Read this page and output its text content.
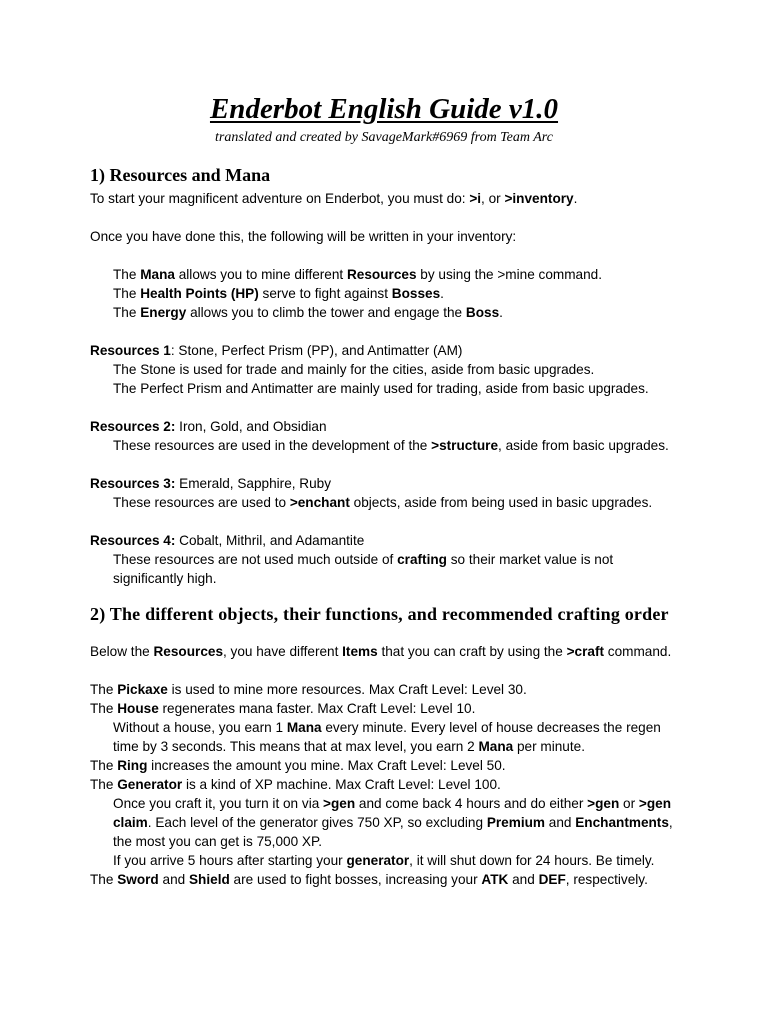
Enderbot English Guide v1.0
translated and created by SavageMark#6969 from Team Arc
1) Resources and Mana

To start your magnificent adventure on Enderbot, you must do: >i, or >inventory.

Once you have done this, the following will be written in your inventory:

The Mana allows you to mine different Resources by using the >mine command.

The Health Points (HP) serve to fight against Bosses.

The Energy allows you to climb the tower and engage the Boss.

Resources 1: Stone, Perfect Prism (PP), and Antimatter (AM)

The Stone is used for trade and mainly for the cities, aside from basic upgrades.

The Perfect Prism and Antimatter are mainly used for trading, aside from basic upgrades.

Resources 2: Iron, Gold, and Obsidian

These resources are used in the development of the >structure, aside from basic upgrades.

Resources 3: Emerald, Sapphire, Ruby

These resources are used to >enchant objects, aside from being used in basic upgrades.

Resources 4: Cobalt, Mithril, and Adamantite

These resources are not used much outside of crafting so their market value is not significantly high.

2) The different objects, their functions, and recommended crafting order

Below the Resources, you have different Items that you can craft by using the >craft command.

The Pickaxe is used to mine more resources. Max Craft Level: Level 30.

The House regenerates mana faster. Max Craft Level: Level 10.

Without a house, you earn 1 Mana every minute. Every level of house decreases the regen time by 3 seconds. This means that at max level, you earn 2 Mana per minute.

The Ring increases the amount you mine. Max Craft Level: Level 50.

The Generator is a kind of XP machine. Max Craft Level: Level 100.

Once you craft it, you turn it on via >gen and come back 4 hours and do either >gen or >gen claim. Each level of the generator gives 750 XP, so excluding Premium and Enchantments, the most you can get is 75,000 XP.

If you arrive 5 hours after starting your generator, it will shut down for 24 hours. Be timely.

The Sword and Shield are used to fight bosses, increasing your ATK and DEF, respectively.
